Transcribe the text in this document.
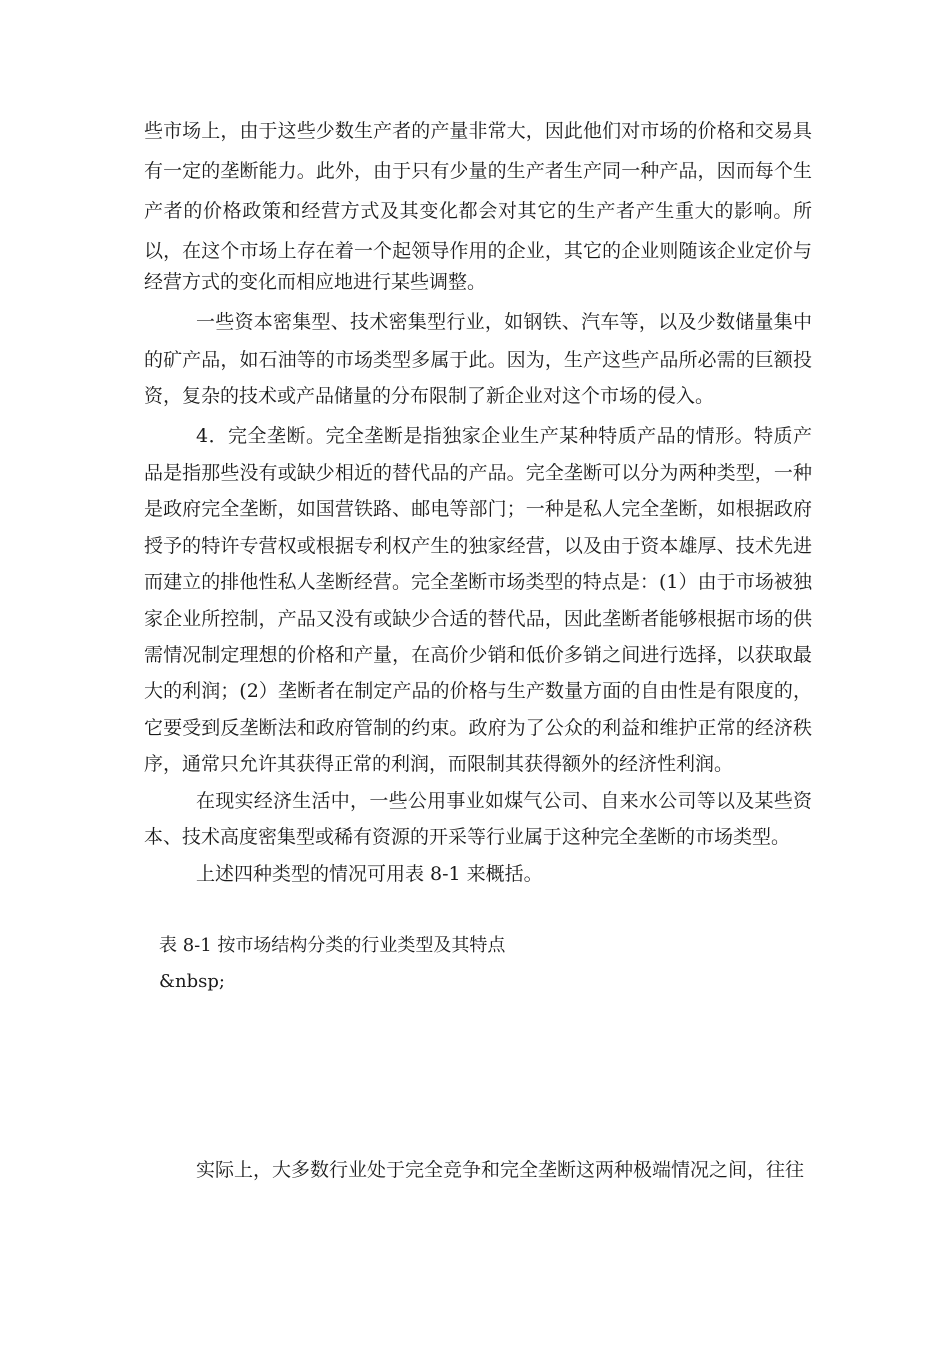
些市场上，由于这些少数生产者的产量非常大，因此他们对市场的价格和交易具
有一定的垄断能力。此外，由于只有少量的生产者生产同一种产品，因而每个生
产者的价格政策和经营方式及其变化都会对其它的生产者产生重大的影响。所
以，在这个市场上存在着一个起领导作用的企业，其它的企业则随该企业定价与
经营方式的变化而相应地进行某些调整。
一些资本密集型、技术密集型行业，如钢铁、汽车等，以及少数储量集中
的矿产品，如石油等的市场类型多属于此。因为，生产这些产品所必需的巨额投
资，复杂的技术或产品储量的分布限制了新企业对这个市场的侵入。
4．完全垄断。完全垄断是指独家企业生产某种特质产品的情形。特质产
品是指那些没有或缺少相近的替代品的产品。完全垄断可以分为两种类型，一种
是政府完全垄断，如国营铁路、邮电等部门；一种是私人完全垄断，如根据政府
授予的特许专营权或根据专利权产生的独家经营，以及由于资本雄厚、技术先进
而建立的排他性私人垄断经营。完全垄断市场类型的特点是：(1）由于市场被独
家企业所控制，产品又没有或缺少合适的替代品，因此垄断者能够根据市场的供
需情况制定理想的价格和产量，在高价少销和低价多销之间进行选择，以获取最
大的利润；(2）垄断者在制定产品的价格与生产数量方面的自由性是有限度的，
它要受到反垄断法和政府管制的约束。政府为了公众的利益和维护正常的经济秩
序，通常只允许其获得正常的利润，而限制其获得额外的经济性利润。
在现实经济生活中，一些公用事业如煤气公司、自来水公司等以及某些资
本、技术高度密集型或稀有资源的开采等行业属于这种完全垄断的市场类型。
上述四种类型的情况可用表 8-1 来概括。
表 8-1 按市场结构分类的行业类型及其特点
&nbsp;
实际上，大多数行业处于完全竞争和完全垄断这两种极端情况之间，往往
